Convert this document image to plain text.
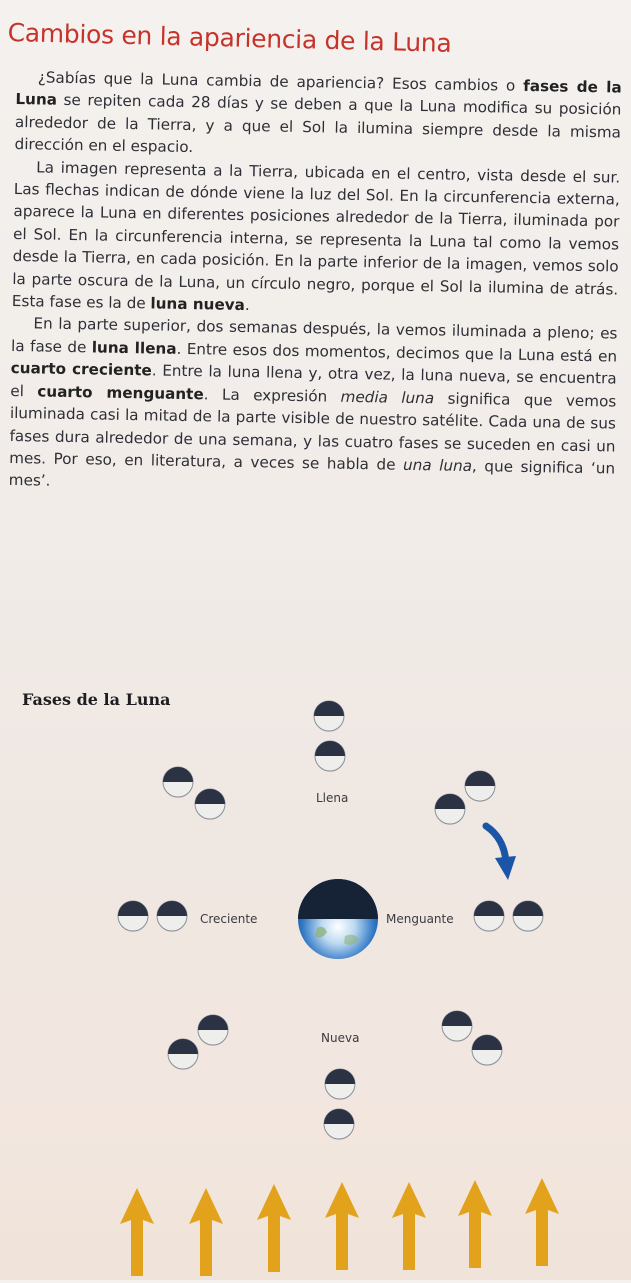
Cambios en la apariencia de la Luna

¿Sabías que la Luna cambia de apariencia? Esos cambios o fases de la Luna se repiten cada 28 días y se deben a que la Luna modifica su posición alrededor de la Tierra, y a que el Sol la ilumina siempre desde la misma dirección en el espacio.

La imagen representa a la Tierra, ubicada en el centro, vista desde el sur. Las flechas indican de dónde viene la luz del Sol. En la circunferencia externa, aparece la Luna en diferentes posiciones alrededor de la Tierra, iluminada por el Sol. En la circunferencia interna, se representa la Luna tal como la vemos desde la Tierra, en cada posición. En la parte inferior de la imagen, vemos solo la parte oscura de la Luna, un círculo negro, porque el Sol la ilumina de atrás. Esta fase es la de luna nueva.

En la parte superior, dos semanas después, la vemos iluminada a pleno; es la fase de luna llena. Entre esos dos momentos, decimos que la Luna está en cuarto creciente. Entre la luna llena y, otra vez, la luna nueva, se encuentra el cuarto menguante. La expresión media luna significa que vemos iluminada casi la mitad de la parte visible de nuestro satélite. Cada una de sus fases dura alrededor de una semana, y las cuatro fases se suceden en casi un mes. Por eso, en literatura, a veces se habla de una luna, que significa ‘un mes’.

Fases de la Luna
Llena
Creciente	Menguante
Nueva
